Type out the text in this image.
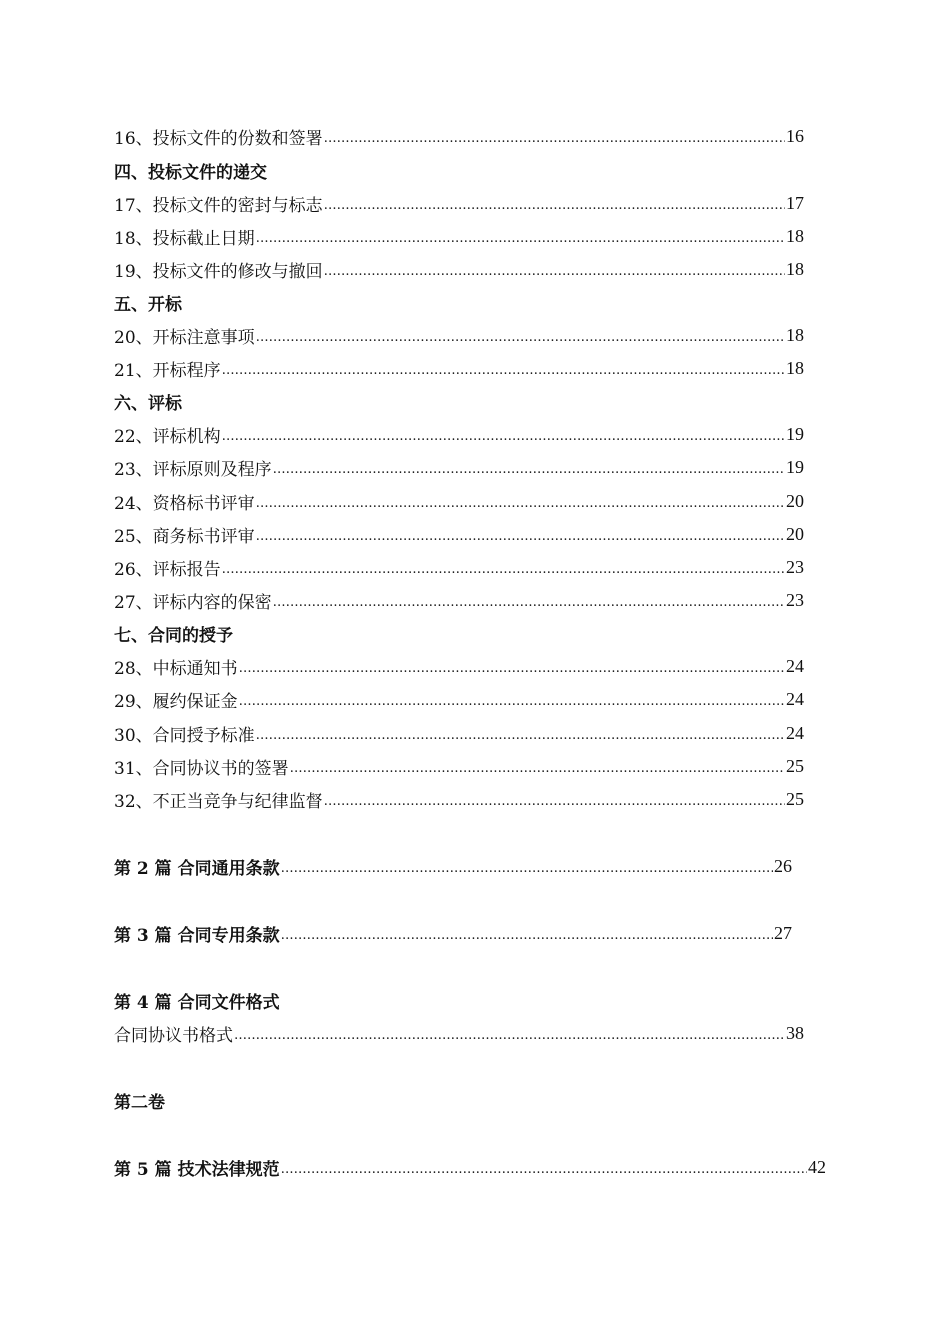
16、投标文件的份数和签署 ……………………………………………………………………………………………………………………………………………………………………………………………………………	16
四、投标文件的递交
17、投标文件的密封与标志 ……………………………………………………………………………………………………………………………………………………………………………………………………………	17
18、投标截止日期 ……………………………………………………………………………………………………………………………………………………………………………………………………………	18
19、投标文件的修改与撤回 ……………………………………………………………………………………………………………………………………………………………………………………………………………	18
五、开标
20、开标注意事项 ……………………………………………………………………………………………………………………………………………………………………………………………………………	18
21、开标程序 ……………………………………………………………………………………………………………………………………………………………………………………………………………	18
六、评标
22、评标机构 ……………………………………………………………………………………………………………………………………………………………………………………………………………	19
23、评标原则及程序 ……………………………………………………………………………………………………………………………………………………………………………………………………………	19
24、资格标书评审 ……………………………………………………………………………………………………………………………………………………………………………………………………………	20
25、商务标书评审 ……………………………………………………………………………………………………………………………………………………………………………………………………………	20
26、评标报告 ……………………………………………………………………………………………………………………………………………………………………………………………………………	23
27、评标内容的保密 ……………………………………………………………………………………………………………………………………………………………………………………………………………	23
七、合同的授予
28、中标通知书 ……………………………………………………………………………………………………………………………………………………………………………………………………………	24
29、履约保证金 ……………………………………………………………………………………………………………………………………………………………………………………………………………	24
30、合同授予标准 ……………………………………………………………………………………………………………………………………………………………………………………………………………	24
31、合同协议书的签署 ……………………………………………………………………………………………………………………………………………………………………………………………………………	25
32、不正当竞争与纪律监督 ……………………………………………………………………………………………………………………………………………………………………………………………………………	25
第 2 篇 合同通用条款 ……………………………………………………………………………………………………………………………………………………………………………………………………………	26
第 3 篇 合同专用条款 ……………………………………………………………………………………………………………………………………………………………………………………………………………	27
第 4 篇 合同文件格式
合同协议书格式 ……………………………………………………………………………………………………………………………………………………………………………………………………………	38
第二卷
第 5 篇 技术法律规范 ……………………………………………………………………………………………………………………………………………………………………………………………………………	42
